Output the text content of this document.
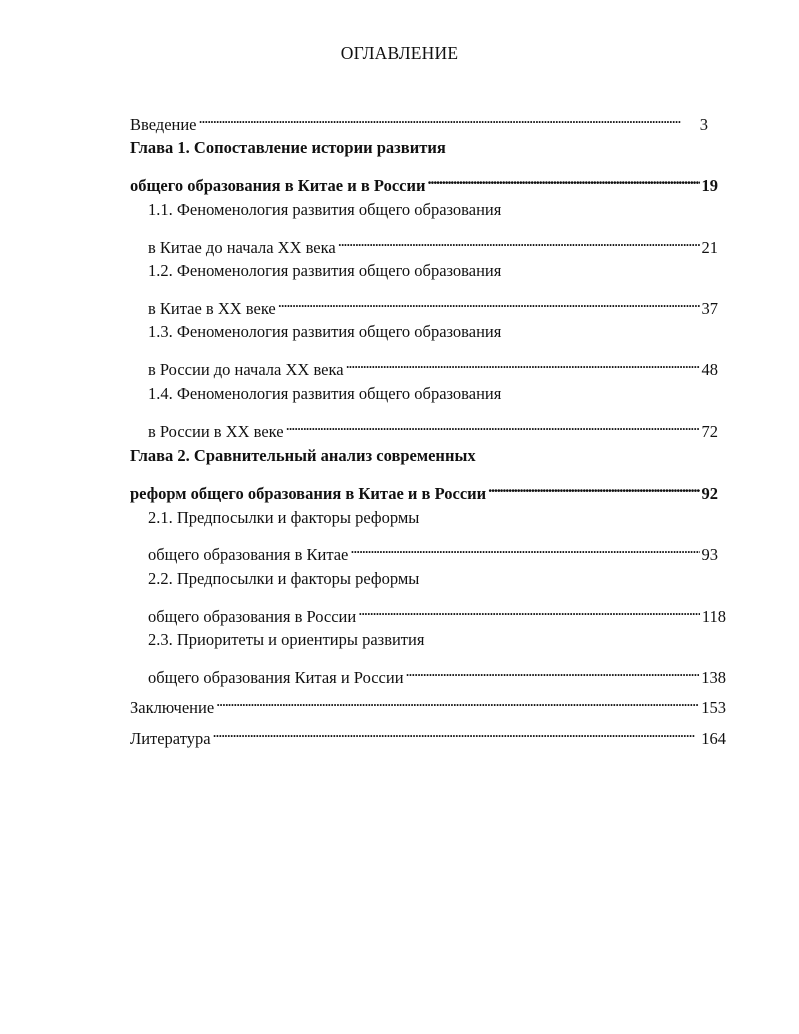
ОГЛАВЛЕНИЕ
Введение . . .	3
Глава 1. Сопоставление истории развития
общего образования в Китае и в России . . .	19
1.1. Феноменология развития общего образования
в Китае до начала XX века . . .	21
1.2. Феноменология развития общего образования
в Китае в XX веке . . .	37
1.3. Феноменология развития общего образования
в России до начала XX века . . .	48
1.4. Феноменология развития общего образования
в России в XX веке . . .	72
Глава 2. Сравнительный анализ современных
реформ общего образования в Китае и в России . . .	92
2.1. Предпосылки и факторы реформы
общего образования в Китае . . .	93
2.2. Предпосылки и факторы реформы
общего образования в России . . .	118
2.3. Приоритеты и ориентиры развития
общего образования Китая и России . . .	138
Заключение . . .	153
Литература . . .	164
